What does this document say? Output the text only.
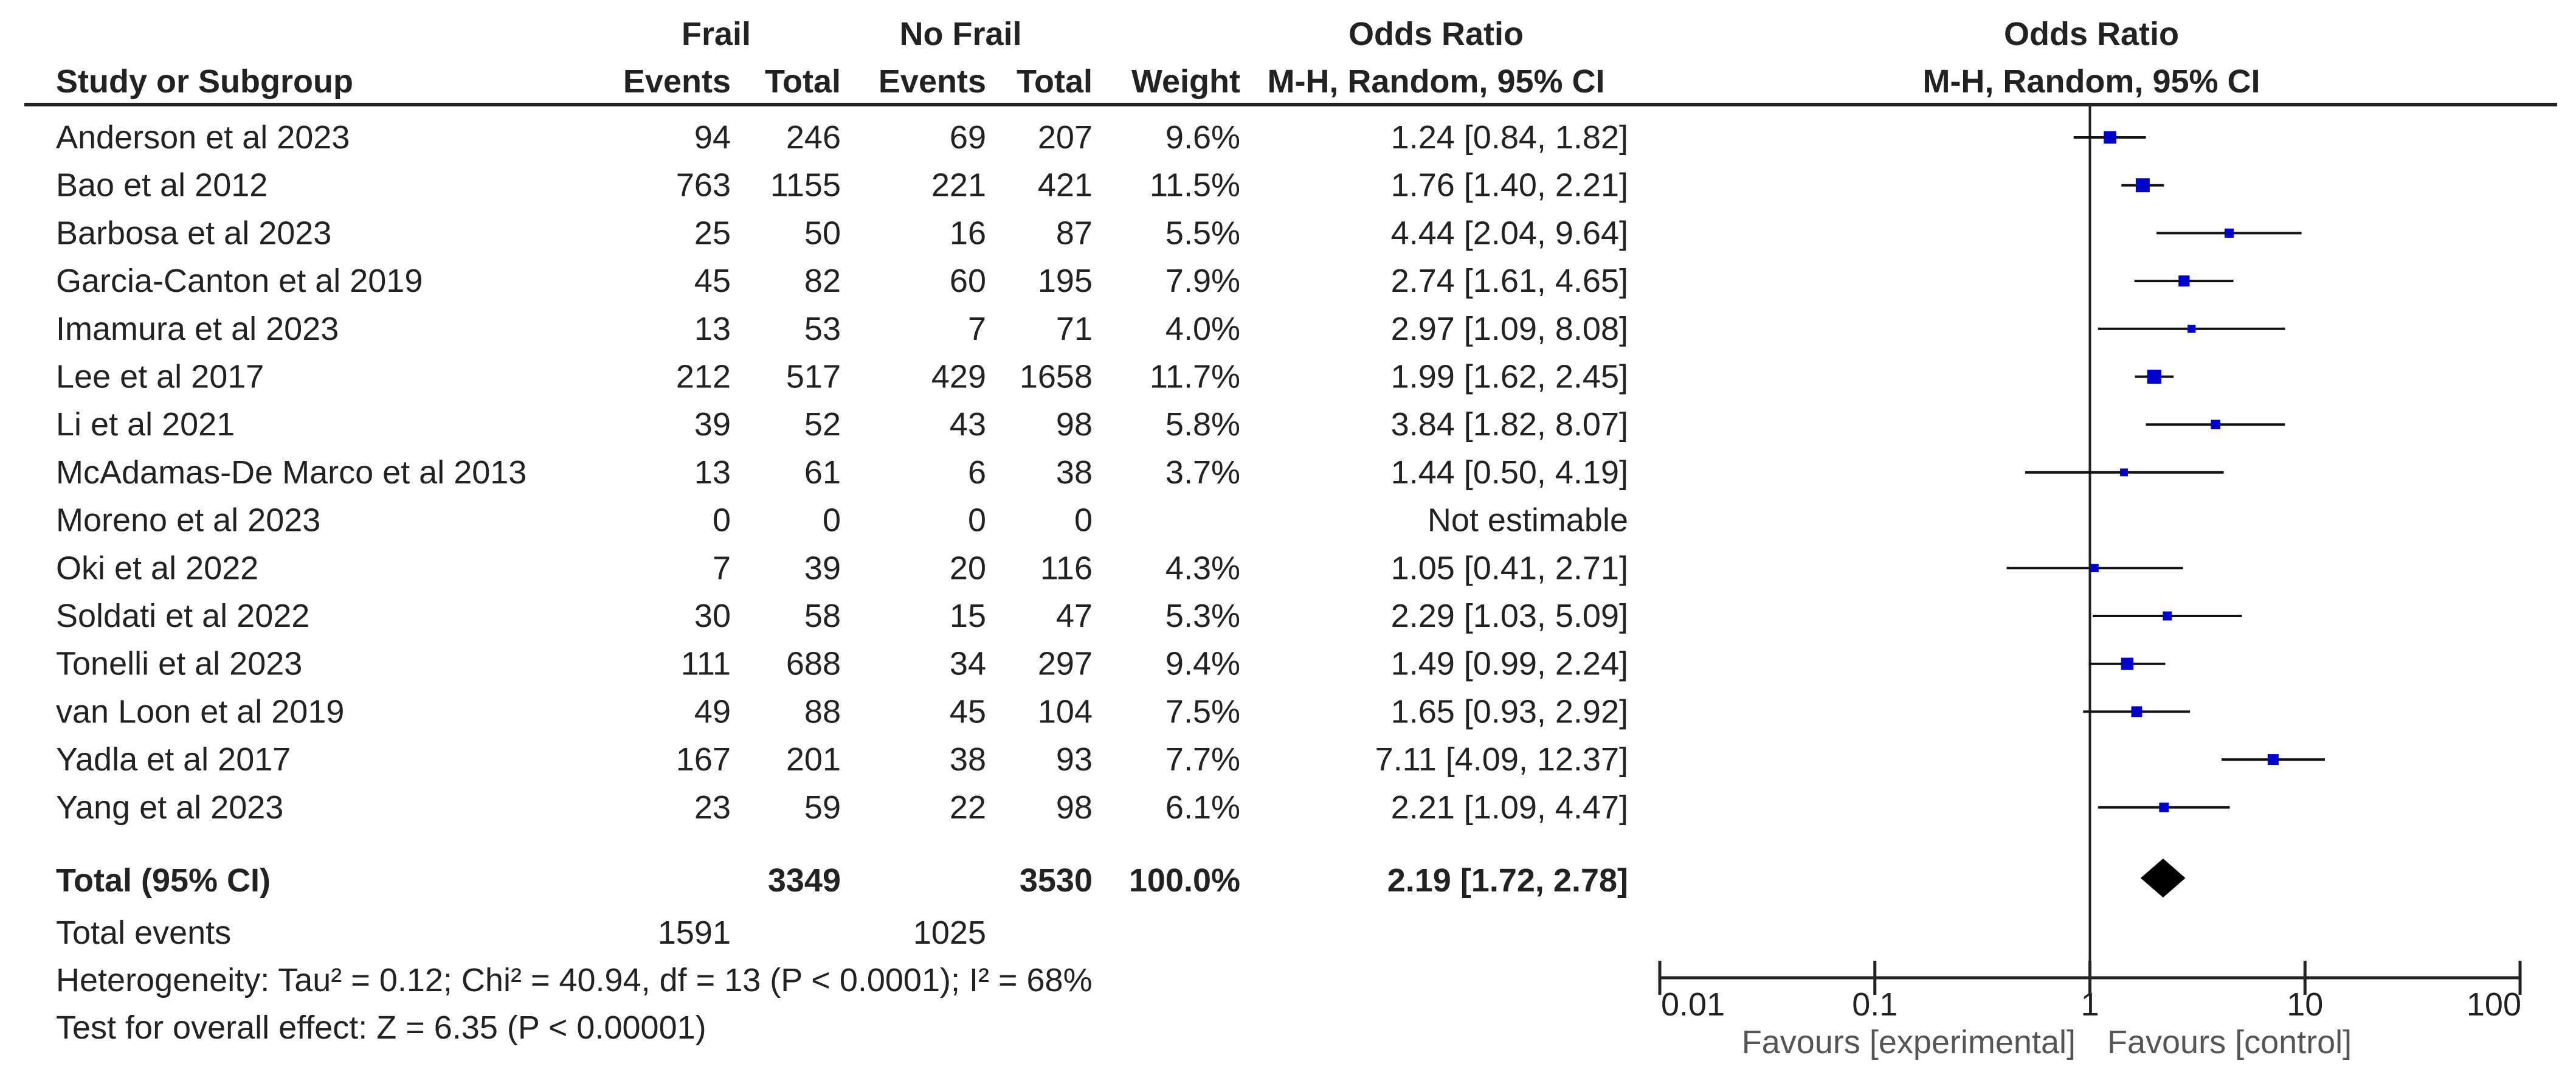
Frail	No Frail	Odds Ratio	Odds Ratio
Study or Subgroup	Events Total Events Total Weight M-H, Random, 95% CI	M-H, Random, 95% CI
Anderson et al 2023	94 246	69 207 9.6%	1.24 [0.84, 1.82]
Bao et al 2012	763 1155	221 421 11.5%	1.76 [1.40, 2.21]
Barbosa et al 2023	25 50	16 87 5.5%	4.44 [2.04, 9.64]
Garcia-Canton et al 2019	45 82	60 195 7.9%	2.74 [1.61, 4.65]
Imamura et al 2023	13 53	7 71 4.0%	2.97 [1.09, 8.08]
Lee et al 2017	212 517	429 1658 11.7%	1.99 [1.62, 2.45]
Li et al 2021	39 52	43 98 5.8%	3.84 [1.82, 8.07]
McAdamas-De Marco et al 2013	13 61	6 38 3.7%	1.44 [0.50, 4.19]
Moreno et al 2023	0	0	0	0	Not estimable
Oki et al 2022	7 39	20 116 4.3%	1.05 [0.41, 2.71]
Soldati et al 2022	30 58	15 47 5.3%	2.29 [1.03, 5.09]
Tonelli et al 2023	111 688	34 297 9.4%	1.49 [0.99, 2.24]
van Loon et al 2019	49 88	45 104 7.5%	1.65 [0.93, 2.92]
Yadla et al 2017	167 201	38 93 7.7%	7.11 [4.09, 12.37]
Yang et al 2023	23 59	22 98 6.1%	2.21 [1.09, 4.47]
Total (95% CI)	3349	3530 100.0%	2.19 [1.72, 2.78]
Total events	1591	1025
Heterogeneity: Tau² = 0.12; Chi² = 40.94, df = 13 (P < 0.0001); I² = 68%
Test for overall effect: Z = 6.35 (P < 0.00001)
0.01	0.1	1	10	100
Favours [experimental] Favours [control]
